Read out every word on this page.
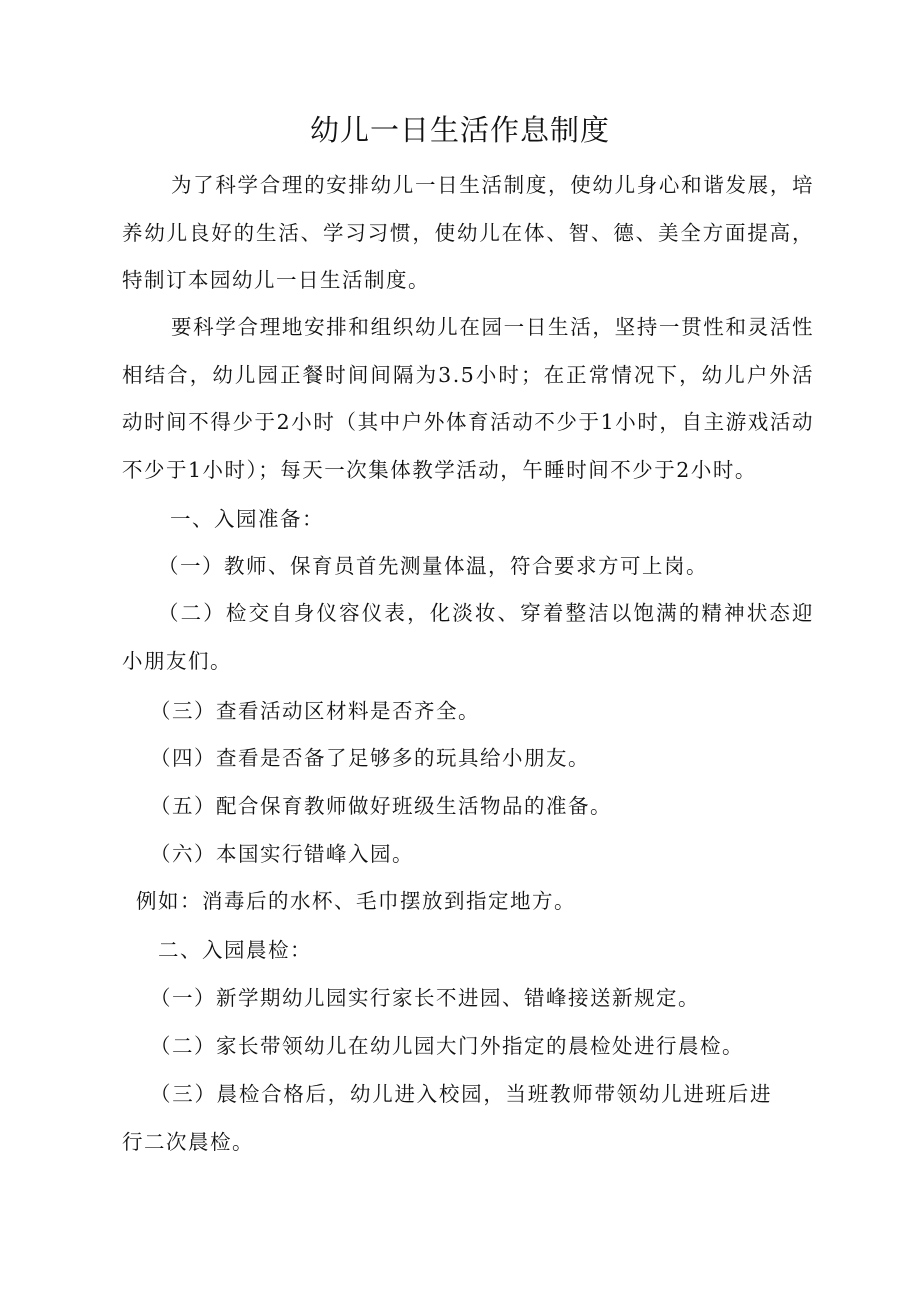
幼儿一日生活作息制度

为了科学合理的安排幼儿一日生活制度，使幼儿身心和谐发展，培养幼儿良好的生活、学习习惯，使幼儿在体、智、德、美全方面提高，特制订本园幼儿一日生活制度。

要科学合理地安排和组织幼儿在园一日生活，坚持一贯性和灵活性相结合，幼儿园正餐时间间隔为3.5小时；在正常情况下，幼儿户外活动时间不得少于2小时（其中户外体育活动不少于1小时，自主游戏活动不少于1小时）；每天一次集体教学活动，午睡时间不少于2小时。

一、入园准备：

（一）教师、保育员首先测量体温，符合要求方可上岗。

（二）检交自身仪容仪表，化淡妆、穿着整洁以饱满的精神状态迎小朋友们。

（三）查看活动区材料是否齐全。

（四）查看是否备了足够多的玩具给小朋友。

（五）配合保育教师做好班级生活物品的准备。

（六）本国实行错峰入园。

例如：消毒后的水杯、毛巾摆放到指定地方。

二、入园晨检：

（一）新学期幼儿园实行家长不进园、错峰接送新规定。

（二）家长带领幼儿在幼儿园大门外指定的晨检处进行晨检。

（三）晨检合格后，幼儿进入校园，当班教师带领幼儿进班后进行二次晨检。
